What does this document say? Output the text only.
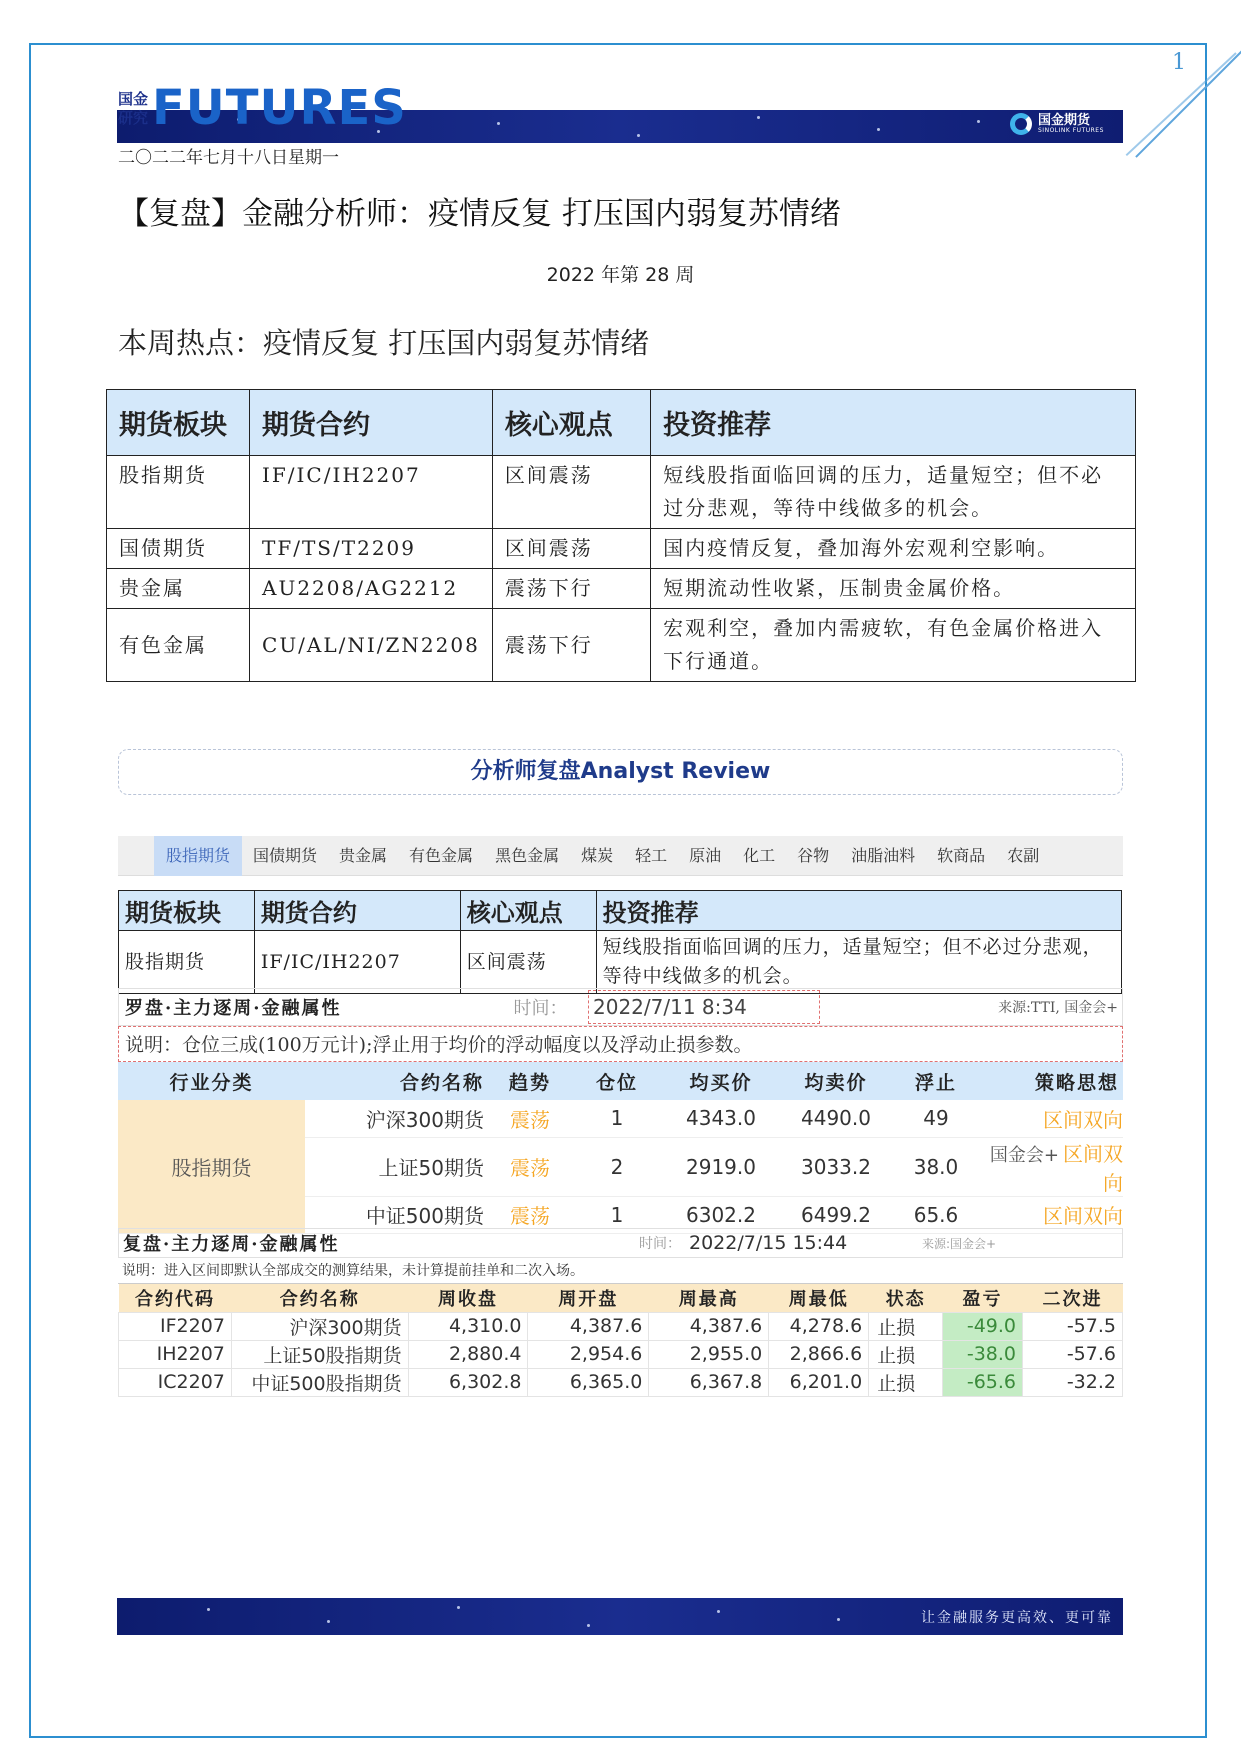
1
国金研究 FUTURES	国金期货
SINOLINK FUTURES
二〇二二年七月十八日星期一
【复盘】金融分析师：疫情反复 打压国内弱复苏情绪
2022 年第 28 周
本周热点：疫情反复 打压国内弱复苏情绪
期货板块	期货合约	核心观点	投资推荐
股指期货	IF/IC/IH2207	区间震荡	短线股指面临回调的压力，适量短空；但不必过分悲观，等待中线做多的机会。
国债期货	TF/TS/T2209	区间震荡	国内疫情反复，叠加海外宏观利空影响。
贵金属	AU2208/AG2212	震荡下行	短期流动性收紧，压制贵金属价格。
有色金属	CU/AL/NI/ZN2208	震荡下行	宏观利空，叠加内需疲软，有色金属价格进入下行通道。
分析师复盘Analyst Review
股指期货	国债期货	贵金属	有色金属	黑色金属	煤炭	轻工	原油	化工	谷物	油脂油料	软商品	农副
期货板块	期货合约	核心观点	投资推荐
股指期货	IF/IC/IH2207	区间震荡	短线股指面临回调的压力，适量短空；但不必过分悲观，等待中线做多的机会。
罗盘·主力逐周·金融属性	时间：	2022/7/11 8:34	来源:TTI, 国金会+
说明：仓位三成(100万元计);浮止用于均价的浮动幅度以及浮动止损参数。
行业分类	合约名称	趋势	仓位	均买价	均卖价	浮止	策略思想
股指期货	沪深300期货	震荡	1	4343.0	4490.0	49	区间双向
	上证50期货	震荡	2	2919.0	3033.2	38.0	国金会+ 区间双向
	中证500期货	震荡	1	6302.2	6499.2	65.6	区间双向
复盘·主力逐周·金融属性	时间： 2022/7/15 15:44	来源:国金会+
说明：进入区间即默认全部成交的测算结果，未计算提前挂单和二次入场。
合约代码	合约名称	周收盘	周开盘	周最高	周最低	状态	盈亏	二次进
IF2207	沪深300期货	4,310.0	4,387.6	4,387.6	4,278.6	止损	-49.0	-57.5
IH2207	上证50股指期货	2,880.4	2,954.6	2,955.0	2,866.6	止损	-38.0	-57.6
IC2207	中证500股指期货	6,302.8	6,365.0	6,367.8	6,201.0	止损	-65.6	-32.2
让金融服务更高效、更可靠
